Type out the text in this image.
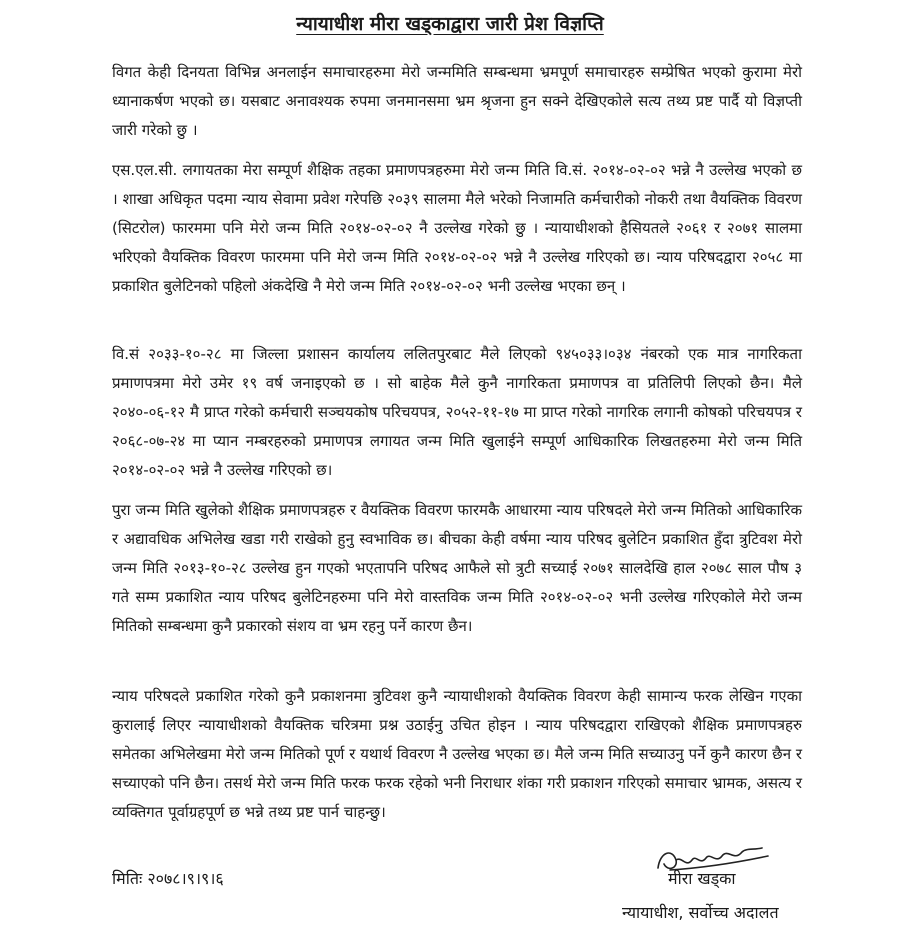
न्यायाधीश मीरा खड्काद्वारा जारी प्रेश विज्ञप्ति

विगत केही दिनयता विभिन्न अनलाईन समाचारहरुमा मेरो जन्ममिति सम्बन्धमा भ्रमपूर्ण समाचारहरु सम्प्रेषित भएको कुरामा मेरो ध्यानाकर्षण भएको छ। यसबाट अनावश्यक रुपमा जनमानसमा भ्रम श्रृजना हुन सक्ने देखिएकोले सत्य तथ्य प्रष्ट पार्दै यो विज्ञप्ती जारी गरेको छु ।

एस.एल.सी. लगायतका मेरा सम्पूर्ण शैक्षिक तहका प्रमाणपत्रहरुमा मेरो जन्म मिति वि.सं. २०१४-०२-०२ भन्ने नै उल्लेख भएको छ । शाखा अधिकृत पदमा न्याय सेवामा प्रवेश गरेपछि २०३९ सालमा मैले भरेको निजामति कर्मचारीको नोकरी तथा वैयक्तिक विवरण (सिटरोल) फारममा पनि मेरो जन्म मिति २०१४-०२-०२ नै उल्लेख गरेको छु । न्यायाधीशको हैसियतले २०६१ र २०७१ सालमा भरिएको वैयक्तिक विवरण फारममा पनि मेरो जन्म मिति २०१४-०२-०२ भन्ने नै उल्लेख गरिएको छ। न्याय परिषदद्वारा २०५८ मा प्रकाशित बुलेटिनको पहिलो अंकदेखि नै मेरो जन्म मिति २०१४-०२-०२ भनी उल्लेख भएका छन् ।

वि.सं २०३३-१०-२८ मा जिल्ला प्रशासन कार्यालय ललितपुरबाट मैले लिएको ९४५०३३।०३४ नंबरको एक मात्र नागरिकता प्रमाणपत्रमा मेरो उमेर १९ वर्ष जनाइएको छ । सो बाहेक मैले कुनै नागरिकता प्रमाणपत्र वा प्रतिलिपी लिएको छैन। मैले २०४०-०६-१२ मै प्राप्त गरेको कर्मचारी सञ्चयकोष परिचयपत्र, २०५२-११-१७ मा प्राप्त गरेको नागरिक लगानी कोषको परिचयपत्र र २०६८-०७-२४ मा प्यान नम्बरहरुको प्रमाणपत्र लगायत जन्म मिति खुलाईने सम्पूर्ण आधिकारिक लिखतहरुमा मेरो जन्म मिति २०१४-०२-०२ भन्ने नै उल्लेख गरिएको छ।

पुरा जन्म मिति खुलेको शैक्षिक प्रमाणपत्रहरु र वैयक्तिक विवरण फारमकै आधारमा न्याय परिषदले मेरो जन्म मितिको आधिकारिक र अद्यावधिक अभिलेख खडा गरी राखेको हुनु स्वभाविक छ। बीचका केही वर्षमा न्याय परिषद बुलेटिन प्रकाशित हुँदा त्रुटिवश मेरो जन्म मिति २०१३-१०-२८ उल्लेख हुन गएको भएतापनि परिषद आफैले सो त्रुटी सच्याई २०७१ सालदेखि हाल २०७८ साल पौष ३ गते सम्म प्रकाशित न्याय परिषद बुलेटिनहरुमा पनि मेरो वास्तविक जन्म मिति २०१४-०२-०२ भनी उल्लेख गरिएकोले मेरो जन्म मितिको सम्बन्धमा कुनै प्रकारको संशय वा भ्रम रहनु पर्ने कारण छैन।

न्याय परिषदले प्रकाशित गरेको कुनै प्रकाशनमा त्रुटिवश कुनै न्यायाधीशको वैयक्तिक विवरण केही सामान्य फरक लेखिन गएका कुरालाई लिएर न्यायाधीशको वैयक्तिक चरित्रमा प्रश्न उठाईनु उचित होइन । न्याय परिषदद्वारा राखिएको शैक्षिक प्रमाणपत्रहरु समेतका अभिलेखमा मेरो जन्म मितिको पूर्ण र यथार्थ विवरण नै उल्लेख भएका छ। मैले जन्म मिति सच्याउनु पर्ने कुनै कारण छैन र सच्याएको पनि छैन। तसर्थ मेरो जन्म मिति फरक फरक रहेको भनी निराधार शंका गरी प्रकाशन गरिएको समाचार भ्रामक, असत्य र व्यक्तिगत पूर्वाग्रहपूर्ण छ भन्ने तथ्य प्रष्ट पार्न चाहन्छु।

मितिः २०७८।९।९।६	मीरा खड्का
न्यायाधीश, सर्वोच्च अदालत
